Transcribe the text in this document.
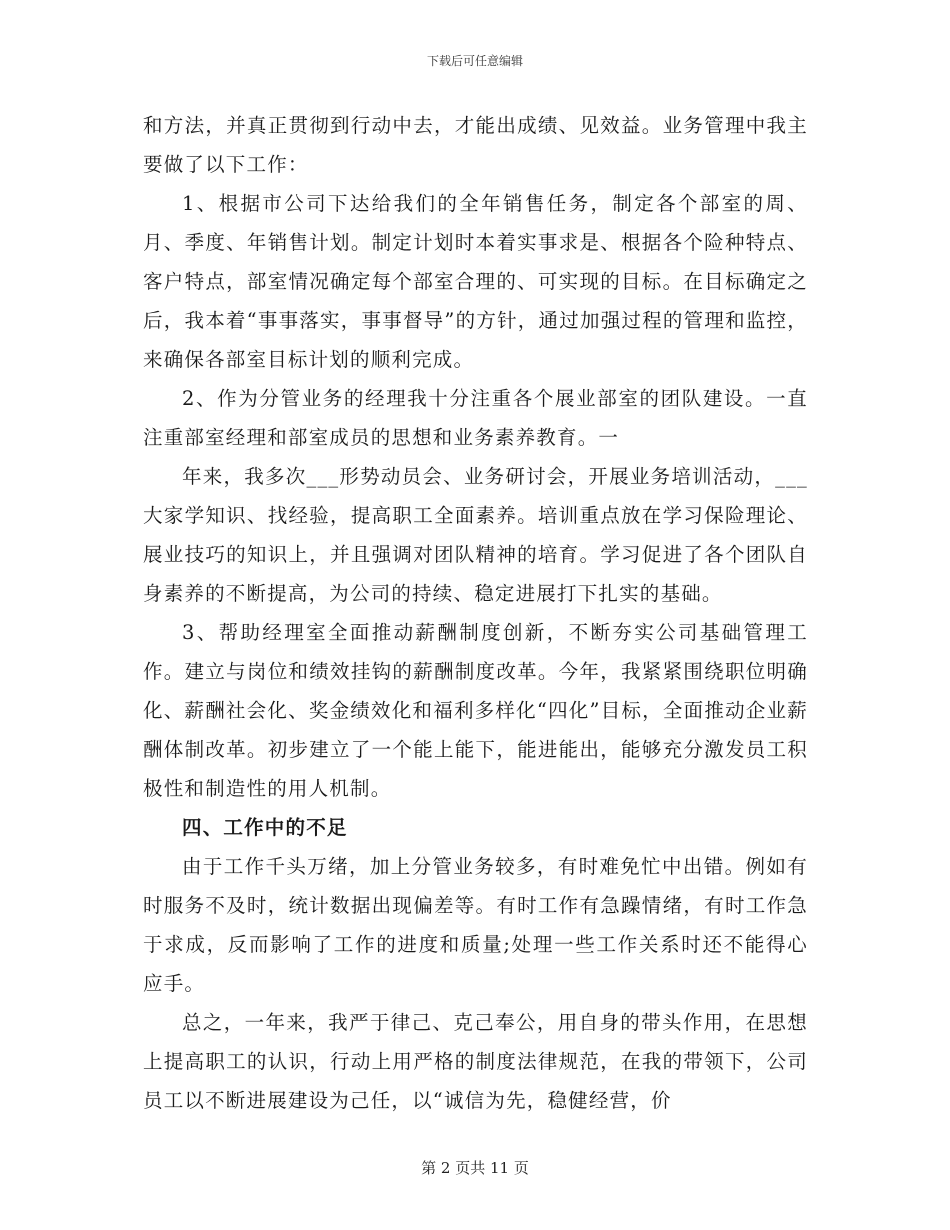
下载后可任意编辑

和方法，并真正贯彻到行动中去，才能出成绩、见效益。业务管理中我主要做了以下工作：

1、根据市公司下达给我们的全年销售任务，制定各个部室的周、月、季度、年销售计划。制定计划时本着实事求是、根据各个险种特点、客户特点，部室情况确定每个部室合理的、可实现的目标。在目标确定之后，我本着“事事落实，事事督导”的方针，通过加强过程的管理和监控，来确保各部室目标计划的顺利完成。

2、作为分管业务的经理我十分注重各个展业部室的团队建设。一直注重部室经理和部室成员的思想和业务素养教育。一

年来，我多次___形势动员会、业务研讨会，开展业务培训活动，___大家学知识、找经验，提高职工全面素养。培训重点放在学习保险理论、展业技巧的知识上，并且强调对团队精神的培育。学习促进了各个团队自身素养的不断提高，为公司的持续、稳定进展打下扎实的基础。

3、帮助经理室全面推动薪酬制度创新，不断夯实公司基础管理工作。建立与岗位和绩效挂钩的薪酬制度改革。今年，我紧紧围绕职位明确化、薪酬社会化、奖金绩效化和福利多样化“四化”目标，全面推动企业薪酬体制改革。初步建立了一个能上能下，能进能出，能够充分激发员工积极性和制造性的用人机制。

四、工作中的不足

由于工作千头万绪，加上分管业务较多，有时难免忙中出错。例如有时服务不及时，统计数据出现偏差等。有时工作有急躁情绪，有时工作急于求成，反而影响了工作的进度和质量;处理一些工作关系时还不能得心应手。

总之，一年来，我严于律己、克己奉公，用自身的带头作用，在思想上提高职工的认识，行动上用严格的制度法律规范，在我的带领下，公司员工以不断进展建设为己任，以“诚信为先，稳健经营，价

第 2 页共 11 页
